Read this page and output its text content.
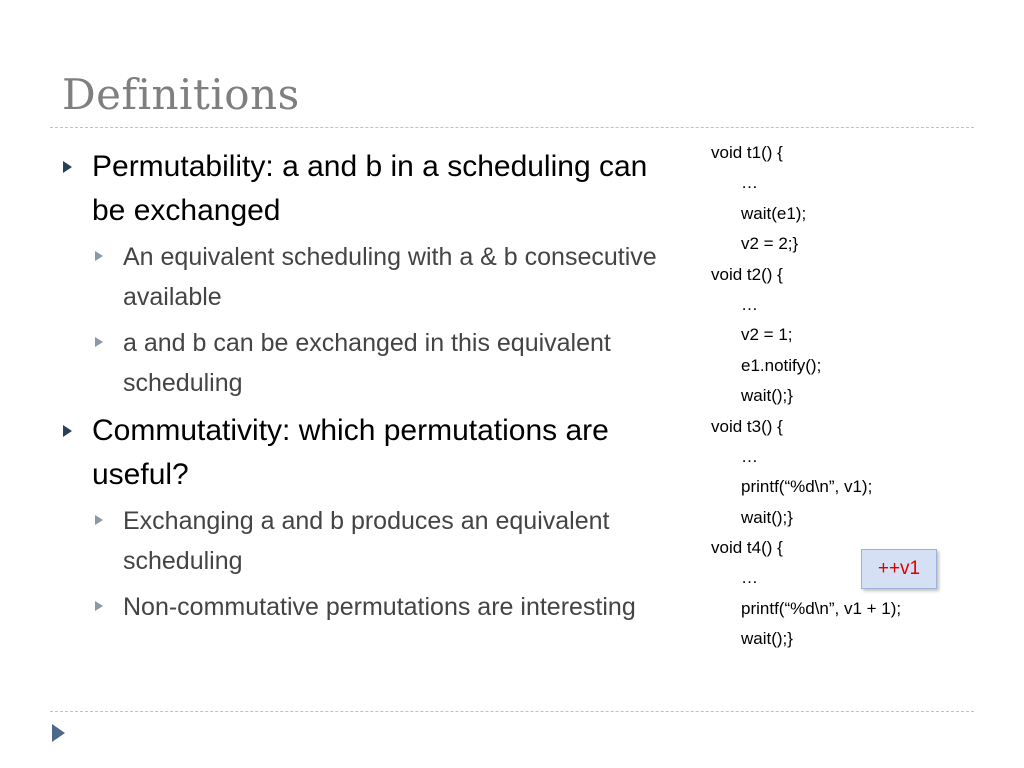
Definitions
Permutability: a and b in a scheduling can be exchanged
An equivalent scheduling with a & b consecutive available
a and b can be exchanged in this equivalent scheduling
Commutativity: which permutations are useful?
Exchanging a and b produces an equivalent scheduling
Non-commutative permutations are interesting
void t1() {
…
wait(e1);
v2 = 2;}
void t2() {
…
v2 = 1;
e1.notify();
wait();}
void t3() {
…
printf(“%d\n”, v1);
wait();}
void t4() {
…
printf(“%d\n”, v1 + 1);
wait();}
++v1
